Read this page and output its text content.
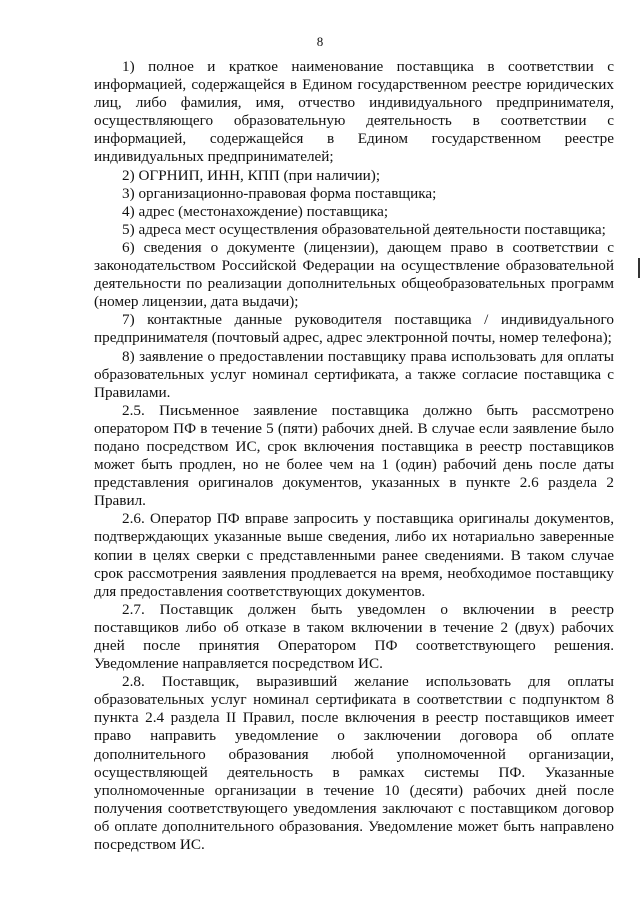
8

1) полное и краткое наименование поставщика в соответствии с информацией, содержащейся в Едином государственном реестре юридических лиц, либо фамилия, имя, отчество индивидуального предпринимателя, осуществляющего образовательную деятельность в соответствии с информацией, содержащейся в Едином государственном реестре индивидуальных предпринимателей;

2) ОГРНИП, ИНН, КПП (при наличии);

3) организационно-правовая форма поставщика;

4) адрес (местонахождение) поставщика;

5) адреса мест осуществления образовательной деятельности поставщика;

6) сведения о документе (лицензии), дающем право в соответствии с законодательством Российской Федерации на осуществление образовательной деятельности по реализации дополнительных общеобразовательных программ (номер лицензии, дата выдачи);

7) контактные данные руководителя поставщика / индивидуального предпринимателя (почтовый адрес, адрес электронной почты, номер телефона);

8) заявление о предоставлении поставщику права использовать для оплаты образовательных услуг номинал сертификата, а также согласие поставщика с Правилами.

2.5. Письменное заявление поставщика должно быть рассмотрено оператором ПФ в течение 5 (пяти) рабочих дней. В случае если заявление было подано посредством ИС, срок включения поставщика в реестр поставщиков может быть продлен, но не более чем на 1 (один) рабочий день после даты представления оригиналов документов, указанных в пункте 2.6 раздела 2 Правил.

2.6. Оператор ПФ вправе запросить у поставщика оригиналы документов, подтверждающих указанные выше сведения, либо их нотариально заверенные копии в целях сверки с представленными ранее сведениями. В таком случае срок рассмотрения заявления продлевается на время, необходимое поставщику для предоставления соответствующих документов.

2.7. Поставщик должен быть уведомлен о включении в реестр поставщиков либо об отказе в таком включении в течение 2 (двух) рабочих дней после принятия Оператором ПФ соответствующего решения. Уведомление направляется посредством ИС.

2.8. Поставщик, выразивший желание использовать для оплаты образовательных услуг номинал сертификата в соответствии с подпунктом 8 пункта 2.4 раздела II Правил, после включения в реестр поставщиков имеет право направить уведомление о заключении договора об оплате дополнительного образования любой уполномоченной организации, осуществляющей деятельность в рамках системы ПФ. Указанные уполномоченные организации в течение 10 (десяти) рабочих дней после получения соответствующего уведомления заключают с поставщиком договор об оплате дополнительного образования. Уведомление может быть направлено посредством ИС.
